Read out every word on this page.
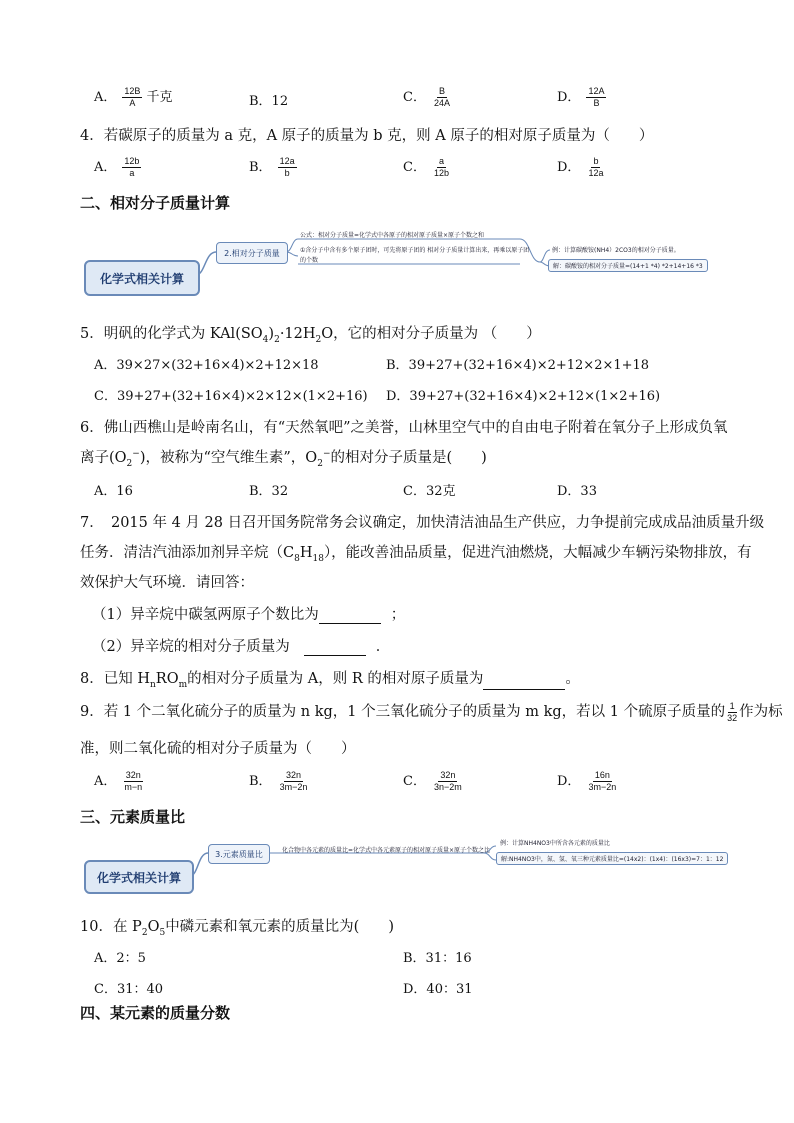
A． $\frac{12B}{A}$ 千克	B．12	C． $\frac{B}{24A}$	D． $\frac{12A}{B}$
4．若碳原子的质量为 a 克，A 原子的质量为 b 克，则 A 原子的相对原子质量为（　　）
A． $\frac{12b}{a}$	B． $\frac{12a}{b}$	C． $\frac{a}{12b}$	D． $\frac{b}{12a}$
二、相对分子质量计算
化学式相关计算
2.相对分子质量
公式：相对分子质量=化学式中各原子的相对原子质量×原子个数之和
①含分子中含有多个原子团时，可先将原子团的 相对分子质量计算出来，再乘以原子团
的个数
例：计算碳酸铵(NH4）2CO3的相对分子质量。
解：碳酸铵的相对分子质量=(14+1 *4) *2+14+16 *3
5．明矾的化学式为 $KAl(SO_4)_2\cdot 12H_2O$，它的相对分子质量为 （　　）
A．39×27×(32+16×4)×2+12×18	B．39+27+(32+16×4)×2+12×2×1+18
C．39+27+(32+16×4)×2×12×(1×2+16) D．39+27+(32+16×4)×2+12×(1×2+16)
6．佛山西樵山是岭南名山，有“天然氧吧”之美誉，山林里空气中的自由电子附着在氧分子上形成负氧
离子$(O_2^-)$，被称为“空气维生素”，$O_2^-$的相对分子质量是(　　)
A．16	B．32	C．32克	D．33
7．　2015 年 4 月 28 日召开国务院常务会议确定，加快清洁油品生产供应，力争提前完成成品油质量升级
任务．清洁汽油添加剂异辛烷$(C_8H_{18})$，能改善油品质量，促进汽油燃烧，大幅减少车辆污染物排放，有
效保护大气环境．请回答：
（1）异辛烷中碳氢两原子个数比为	；
（2）异辛烷的相对分子质量为	．
8．已知 $H_nRO_m$的相对分子质量为 A，则 R 的相对原子质量为	。
9．若 1 个二氧化硫分子的质量为 n kg，1 个三氧化硫分子的质量为 m kg，若以 1 个硫原子质量的 $\frac{1}{32}$ 作为标
准，则二氧化硫的相对分子质量为（　　）
A． $\frac{32n}{m-n}$	B． $\frac{32n}{3m-2n}$	C． $\frac{32n}{3n-2m}$	D． $\frac{16n}{3m-2n}$
三、元素质量比
化学式相关计算
3.元素质量比	化合物中各元素的质量比=化学式中各元素原子的相对原子质量×原子个数之比
例：计算NH4NO3中所含各元素的质量比
解:NH4NO3中，氮、氢、氧三种元素质量比=(14x2)：(1x4)：(16x3)=7：1：12
10．在 $P_2O_5$中磷元素和氧元素的质量比为(　　)
A．2：5	B．31：16
C．31：40	D．40：31
四、某元素的质量分数
